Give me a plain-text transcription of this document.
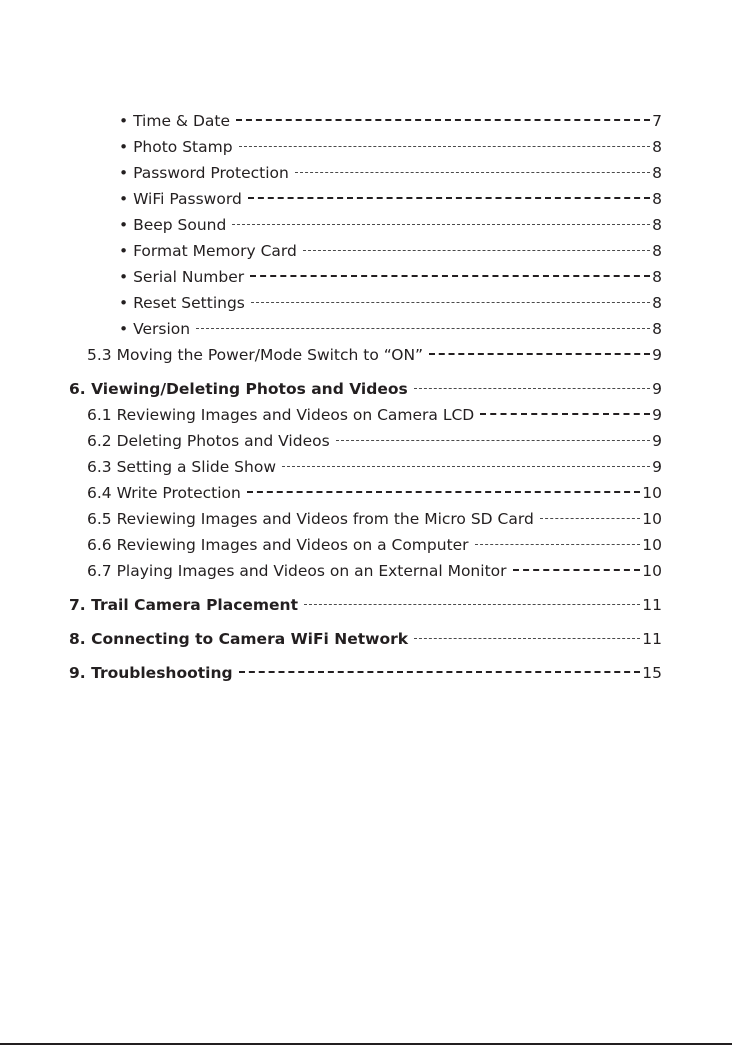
• Time & Date	7
• Photo Stamp	8
• Password Protection	8
• WiFi Password	8
• Beep Sound	8
• Format Memory Card	8
• Serial Number	8
• Reset Settings	8
• Version	8
5.3 Moving the Power/Mode Switch to “ON”	9
6. Viewing/Deleting Photos and Videos	9
6.1 Reviewing Images and Videos on Camera LCD	9
6.2 Deleting Photos and Videos	9
6.3 Setting a Slide Show	9
6.4 Write Protection	10
6.5 Reviewing Images and Videos from the Micro SD Card	10
6.6 Reviewing Images and Videos on a Computer	10
6.7 Playing Images and Videos on an External Monitor	10
7. Trail Camera Placement	11
8. Connecting to Camera WiFi Network	11
9. Troubleshooting	15
